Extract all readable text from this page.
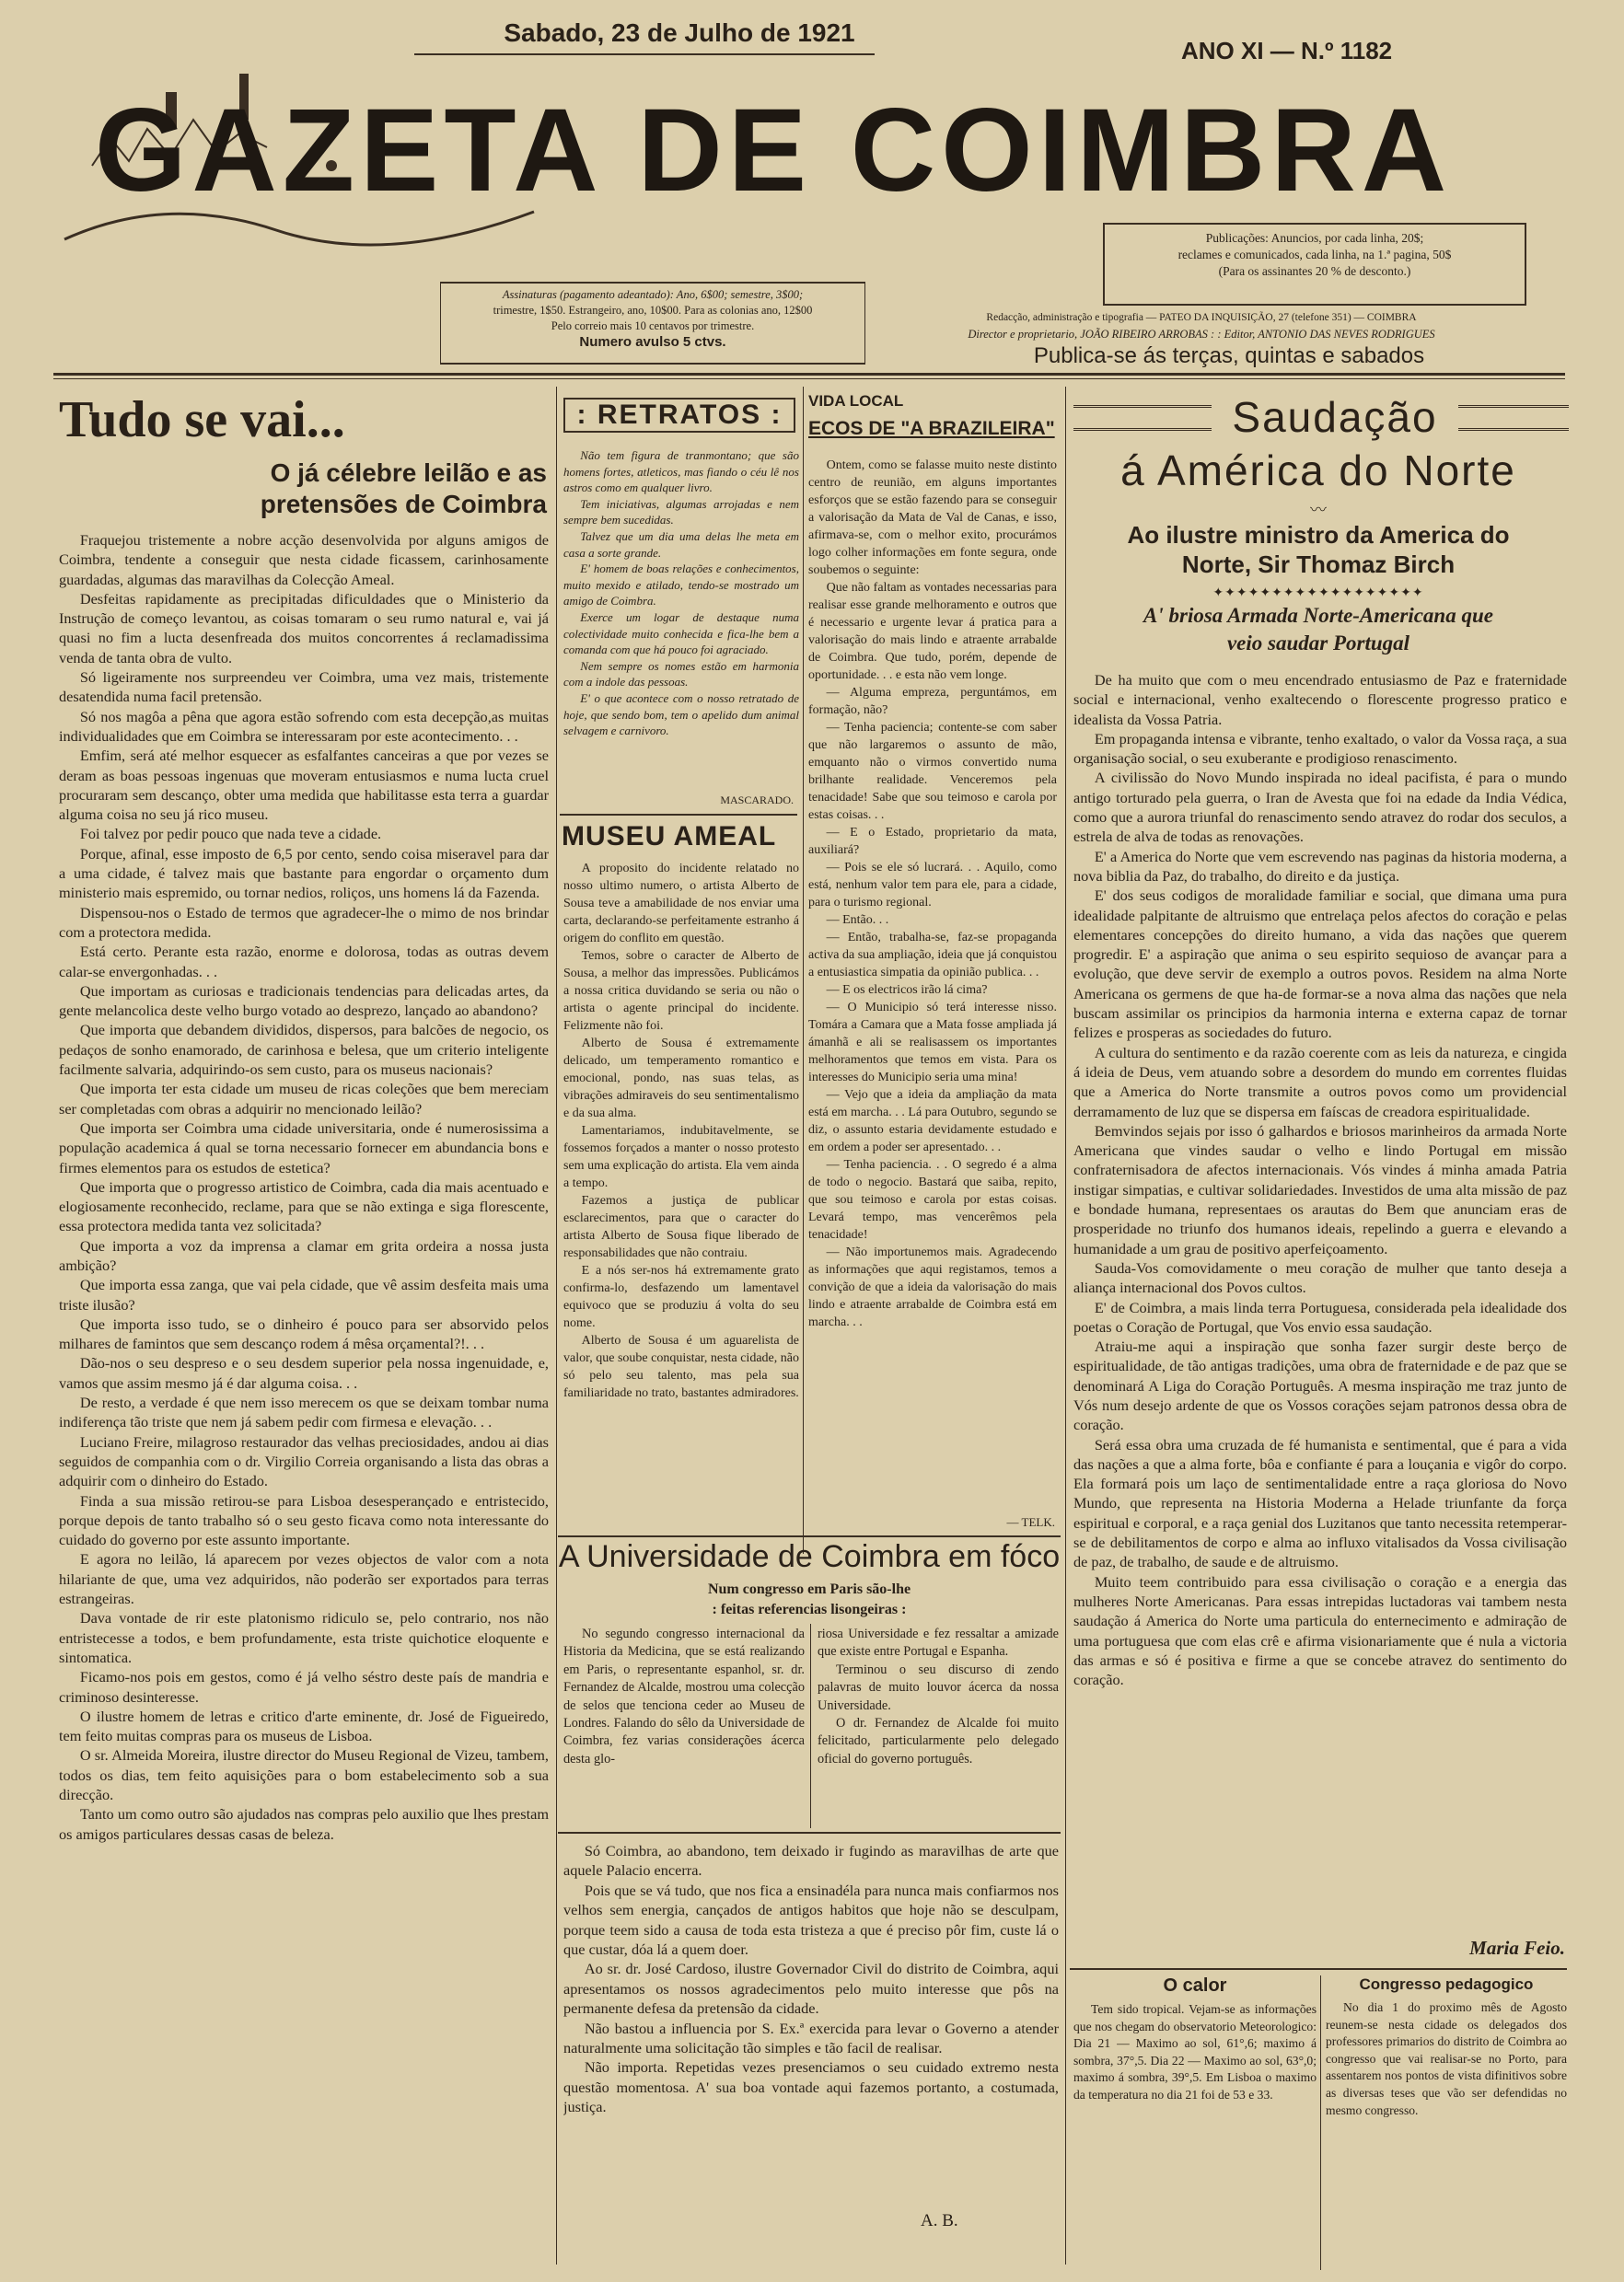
Sabado, 23 de Julho de 1921
ANO XI — N.º 1182
GAZETA DE COIMBRA
Publicações: Anuncios, por cada linha, 20$;
reclames e comunicados, cada linha, na 1.ª pagina, 50$
(Para os assinantes 20 % de desconto.)
Assinaturas (pagamento adeantado): Ano, 6$00; semestre, 3$00;
trimestre, 1$50. Estrangeiro, ano, 10$00. Para as colonias ano, 12$00
Pelo correio mais 10 centavos por trimestre.
Numero avulso 5 ctvs.
Redacção, administração e tipografia — PATEO DA INQUISIÇÃO, 27 (telefone 351) — COIMBRA
Director e proprietario, JOÃO RIBEIRO ARROBAS : : Editor, ANTONIO DAS NEVES RODRIGUES
Publica-se ás terças, quintas e sabados
Tudo se vai...
O já célebre leilão e as
pretensões de Coimbra

Fraquejou tristemente a nobre acção desenvolvida por alguns amigos de Coimbra, tendente a conseguir que nesta cidade ficassem, carinhosamente guardadas, algumas das maravilhas da Colecção Ameal.

Desfeitas rapidamente as precipitadas dificuldades que o Ministerio da Instrução de começo levantou, as coisas tomaram o seu rumo natural e, vai já quasi no fim a lucta desenfreada dos muitos concorrentes á reclamadissima venda de tanta obra de vulto.

Só ligeiramente nos surpreendeu ver Coimbra, uma vez mais, tristemente desatendida numa facil pretensão.

Só nos magôa a pêna que agora estão sofrendo com esta decepção,as muitas individualidades que em Coimbra se interessaram por este acontecimento. . .

Emfim, será até melhor esquecer as esfalfantes canceiras a que por vezes se deram as boas pessoas ingenuas que moveram entusiasmos e numa lucta cruel procuraram sem descanço, obter uma medida que habilitasse esta terra a guardar alguma coisa no seu já rico museu.

Foi talvez por pedir pouco que nada teve a cidade.

Porque, afinal, esse imposto de 6,5 por cento, sendo coisa miseravel para dar a uma cidade, é talvez mais que bastante para engordar o orçamento dum ministerio mais espremido, ou tornar nedios, roliços, uns homens lá da Fazenda.

Dispensou-nos o Estado de termos que agradecer-lhe o mimo de nos brindar com a protectora medida.

Está certo. Perante esta razão, enorme e dolorosa, todas as outras devem calar-se envergonhadas. . .

Que importam as curiosas e tradicionais tendencias para delicadas artes, da gente melancolica deste velho burgo votado ao desprezo, lançado ao abandono?

Que importa que debandem divididos, dispersos, para balcões de negocio, os pedaços de sonho enamorado, de carinhosa e belesa, que um criterio inteligente facilmente salvaria, adquirindo-os sem custo, para os museus nacionais?

Que importa ter esta cidade um museu de ricas coleções que bem mereciam ser completadas com obras a adquirir no mencionado leilão?

Que importa ser Coimbra uma cidade universitaria, onde é numerosissima a população academica á qual se torna necessario fornecer em abundancia bons e firmes elementos para os estudos de estetica?

Que importa que o progresso artistico de Coimbra, cada dia mais acentuado e elogiosamente reconhecido, reclame, para que se não extinga e siga florescente, essa protectora medida tanta vez solicitada?

Que importa a voz da imprensa a clamar em grita ordeira a nossa justa ambição?

Que importa essa zanga, que vai pela cidade, que vê assim desfeita mais uma triste ilusão?

Que importa isso tudo, se o dinheiro é pouco para ser absorvido pelos milhares de famintos que sem descanço rodem á mêsa orçamental?!. . .

Dão-nos o seu despreso e o seu desdem superior pela nossa ingenuidade, e, vamos que assim mesmo já é dar alguma coisa. . .

De resto, a verdade é que nem isso merecem os que se deixam tombar numa indiferença tão triste que nem já sabem pedir com firmesa e elevação. . .

Luciano Freire, milagroso restaurador das velhas preciosidades, andou ai dias seguidos de companhia com o dr. Virgilio Correia organisando a lista das obras a adquirir com o dinheiro do Estado.

Finda a sua missão retirou-se para Lisboa desesperançado e entristecido, porque depois de tanto trabalho só o seu gesto ficava como nota interessante do cuidado do governo por este assunto importante.

E agora no leilão, lá aparecem por vezes objectos de valor com a nota hilariante de que, uma vez adquiridos, não poderão ser exportados para terras estrangeiras.

Dava vontade de rir este platonismo ridiculo se, pelo contrario, nos não entristecesse a todos, e bem profundamente, esta triste quichotice eloquente e sintomatica.

Ficamo-nos pois em gestos, como é já velho séstro deste país de mandria e criminoso desinteresse.

O ilustre homem de letras e critico d'arte eminente, dr. José de Figueiredo, tem feito muitas compras para os museus de Lisboa.

O sr. Almeida Moreira, ilustre director do Museu Regional de Vizeu, tambem, todos os dias, tem feito aquisições para o bom estabelecimento sob a sua direcção.

Tanto um como outro são ajudados nas compras pelo auxilio que lhes prestam os amigos particulares dessas casas de beleza.

: RETRATOS :

Não tem figura de tranmontano; que são homens fortes, atleticos, mas fiando o céu lê nos astros como em qualquer livro.

Tem iniciativas, algumas arrojadas e nem sempre bem sucedidas.

Talvez que um dia uma delas lhe meta em casa a sorte grande.

E' homem de boas relações e conhecimentos, muito mexido e atilado, tendo-se mostrado um amigo de Coimbra.

Exerce um logar de destaque numa colectividade muito conhecida e fica-lhe bem a comanda com que há pouco foi agraciado.

Nem sempre os nomes estão em harmonia com a indole das pessoas.

E' o que acontece com o nosso retratado de hoje, que sendo bom, tem o apelido dum animal selvagem e carnivoro.

MASCARADO.
MUSEU AMEAL

A proposito do incidente relatado no nosso ultimo numero, o artista Alberto de Sousa teve a amabilidade de nos enviar uma carta, declarando-se perfeitamente estranho á origem do conflito em questão.

Temos, sobre o caracter de Alberto de Sousa, a melhor das impressões. Publicámos a nossa critica duvidando se seria ou não o artista o agente principal do incidente. Felizmente não foi.

Alberto de Sousa é extremamente delicado, um temperamento romantico e emocional, pondo, nas suas telas, as vibrações admiraveis do seu sentimentalismo e da sua alma.

Lamentariamos, indubitavelmente, se fossemos forçados a manter o nosso protesto sem uma explicação do artista. Ela vem ainda a tempo.

Fazemos a justiça de publicar esclarecimentos, para que o caracter do artista Alberto de Sousa fique liberado de responsabilidades que não contraiu.

E a nós ser-nos há extremamente grato confirma-lo, desfazendo um lamentavel equivoco que se produziu á volta do seu nome.

Alberto de Sousa é um aguarelista de valor, que soube conquistar, nesta cidade, não só pelo seu talento, mas pela sua familiaridade no trato, bastantes admiradores.

VIDA LOCAL
ECOS DE "A BRAZILEIRA"

Ontem, como se falasse muito neste distinto centro de reunião, em alguns importantes esforços que se estão fazendo para se conseguir a valorisação da Mata de Val de Canas, e isso, afirmava-se, com o melhor exito, procurámos logo colher informações em fonte segura, onde soubemos o seguinte:

Que não faltam as vontades necessarias para realisar esse grande melhoramento e outros que é necessario e urgente levar á pratica para a valorisação do mais lindo e atraente arrabalde de Coimbra. Que tudo, porém, depende de oportunidade. . . e esta não vem longe.

— Alguma empreza, perguntámos, em formação, não?

— Tenha paciencia; contente-se com saber que não largaremos o assunto de mão, emquanto não o virmos convertido numa brilhante realidade. Venceremos pela tenacidade! Sabe que sou teimoso e carola por estas coisas. . .

— E o Estado, proprietario da mata, auxiliará?

— Pois se ele só lucrará. . . Aquilo, como está, nenhum valor tem para ele, para a cidade, para o turismo regional.

— Então. . .

— Então, trabalha-se, faz-se propaganda activa da sua ampliação, ideia que já conquistou a entusiastica simpatia da opinião publica. . .

— E os electricos irão lá cima?

— O Municipio só terá interesse nisso. Tomára a Camara que a Mata fosse ampliada já ámanhã e ali se realisassem os importantes melhoramentos que temos em vista. Para os interesses do Municipio seria uma mina!

— Vejo que a ideia da ampliação da mata está em marcha. . . Lá para Outubro, segundo se diz, o assunto estaria devidamente estudado e em ordem a poder ser apresentado. . .

— Tenha paciencia. . . O segredo é a alma de todo o negocio. Bastará que saiba, repito, que sou teimoso e carola por estas coisas. Levará tempo, mas vencerêmos pela tenacidade!

— Não importunemos mais. Agradecendo as informações que aqui registamos, temos a convição de que a ideia da valorisação do mais lindo e atraente arrabalde de Coimbra está em marcha. . .

— TELK.
A Universidade de Coimbra em fóco
Num congresso em Paris são-lhe
: feitas referencias lisongeiras :
No segundo congresso internacional da Historia da Medicina, que se está realizando em Paris, o representante espanhol, sr. dr. Fernandez de Alcalde, mostrou uma colecção de selos que tenciona ceder ao Museu de Londres. Falando do sêlo da Universidade de Coimbra, fez varias considerações ácerca desta glo-

riosa Universidade e fez ressaltar a amizade que existe entre Portugal e Espanha.

Terminou o seu discurso di zendo palavras de muito louvor ácerca da nossa Universidade.

O dr. Fernandez de Alcalde foi muito felicitado, particularmente pelo delegado oficial do governo português.

Só Coimbra, ao abandono, tem deixado ir fugindo as maravilhas de arte que aquele Palacio encerra.

Pois que se vá tudo, que nos fica a ensinadéla para nunca mais confiarmos nos velhos sem energia, cançados de antigos habitos que hoje não se desculpam, porque teem sido a causa de toda esta tristeza a que é preciso pôr fim, custe lá o que custar, dóa lá a quem doer.

Ao sr. dr. José Cardoso, ilustre Governador Civil do distrito de Coimbra, aqui apresentamos os nossos agradecimentos pelo muito interesse que pôs na permanente defesa da pretensão da cidade.

Não bastou a influencia por S. Ex.ª exercida para levar o Governo a atender naturalmente uma solicitação tão simples e tão facil de realisar.

Não importa. Repetidas vezes presenciamos o seu cuidado extremo nesta questão momentosa. A' sua boa vontade aqui fazemos portanto, a costumada, justiça.

A. B.
Saudação
á América do Norte
〰
Ao ilustre ministro da America do
Norte, Sir Thomaz Birch
✦✦✦✦✦✦✦✦✦✦✦✦✦✦✦✦✦✦
A' briosa Armada Norte-Americana que
veio saudar Portugal

De ha muito que com o meu encendrado entusiasmo de Paz e fraternidade social e internacional, venho exaltecendo o florescente progresso pratico e idealista da Vossa Patria.

Em propaganda intensa e vibrante, tenho exaltado, o valor da Vossa raça, a sua organisação social, o seu exuberante e prodigioso renascimento.

A civilissão do Novo Mundo inspirada no ideal pacifista, é para o mundo antigo torturado pela guerra, o Iran de Avesta que foi na edade da India Védica, como que a aurora triunfal do renascimento sendo atravez do rodar dos seculos, a estrela de alva de todas as renovações.

E' a America do Norte que vem escrevendo nas paginas da historia moderna, a nova biblia da Paz, do trabalho, do direito e da justiça.

E' dos seus codigos de moralidade familiar e social, que dimana uma pura idealidade palpitante de altruismo que entrelaça pelos afectos do coração e pelas elementares concepções do direito humano, a vida das nações que querem progredir. E' a aspiração que anima o seu espirito sequioso de avançar para a evolução, que deve servir de exemplo a outros povos. Residem na alma Norte Americana os germens de que ha-de formar-se a nova alma das nações que nela buscam assimilar os principios da harmonia interna e externa capaz de tornar felizes e prosperas as sociedades do futuro.

A cultura do sentimento e da razão coerente com as leis da natureza, e cingida á ideia de Deus, vem atuando sobre a desordem do mundo em correntes fluidas que a America do Norte transmite a outros povos como um providencial derramamento de luz que se dispersa em faíscas de creadora espiritualidade.

Bemvindos sejais por isso ó galhardos e briosos marinheiros da armada Norte Americana que vindes saudar o velho e lindo Portugal em missão confraternisadora de afectos internacionais. Vós vindes á minha amada Patria instigar simpatias, e cultivar solidariedades. Investidos de uma alta missão de paz e bondade humana, representaes os arautas do Bem que anunciam eras de prosperidade no triunfo dos humanos ideais, repelindo a guerra e elevando a humanidade a um grau de positivo aperfeiçoamento.

Sauda-Vos comovidamente o meu coração de mulher que tanto deseja a aliança internacional dos Povos cultos.

E' de Coimbra, a mais linda terra Portuguesa, considerada pela idealidade dos poetas o Coração de Portugal, que Vos envio essa saudação.

Atraiu-me aqui a inspiração que sonha fazer surgir deste berço de espiritualidade, de tão antigas tradições, uma obra de fraternidade e de paz que se denominará A Liga do Coração Português. A mesma inspiração me traz junto de Vós num desejo ardente de que os Vossos corações sejam patronos dessa obra de coração.

Será essa obra uma cruzada de fé humanista e sentimental, que é para a vida das nações a que a alma forte, bôa e confiante é para a louçania e vigôr do corpo. Ela formará pois um laço de sentimentalidade entre a raça gloriosa do Novo Mundo, que representa na Historia Moderna a Helade triunfante da força espiritual e corporal, e a raça genial dos Luzitanos que tanto necessita retemperar-se de debilitamentos de corpo e alma ao influxo vitalisados da Vossa civilisação de paz, de trabalho, de saude e de altruismo.

Muito teem contribuido para essa civilisação o coração e a energia das mulheres Norte Americanas. Para essas intrepidas luctadoras vai tambem nesta saudação á America do Norte uma particula do enternecimento e admiração de uma portuguesa que com elas crê e afirma visionariamente que é nula a victoria das armas e só é positiva e firme a que se concebe atravez do sentimento do coração.

Maria Feio.
O calor
Tem sido tropical. Vejam-se as informações que nos chegam do observatorio Meteorologico: Dia 21 — Maximo ao sol, 61°,6; maximo á sombra, 37°,5. Dia 22 — Maximo ao sol, 63°,0; maximo á sombra, 39°,5. Em Lisboa o maximo da temperatura no dia 21 foi de 53 e 33.
Congresso pedagogico
No dia 1 do proximo mês de Agosto reunem-se nesta cidade os delegados dos professores primarios do distrito de Coimbra ao congresso que vai realisar-se no Porto, para assentarem nos pontos de vista difinitivos sobre as diversas teses que vão ser defendidas no mesmo congresso.
